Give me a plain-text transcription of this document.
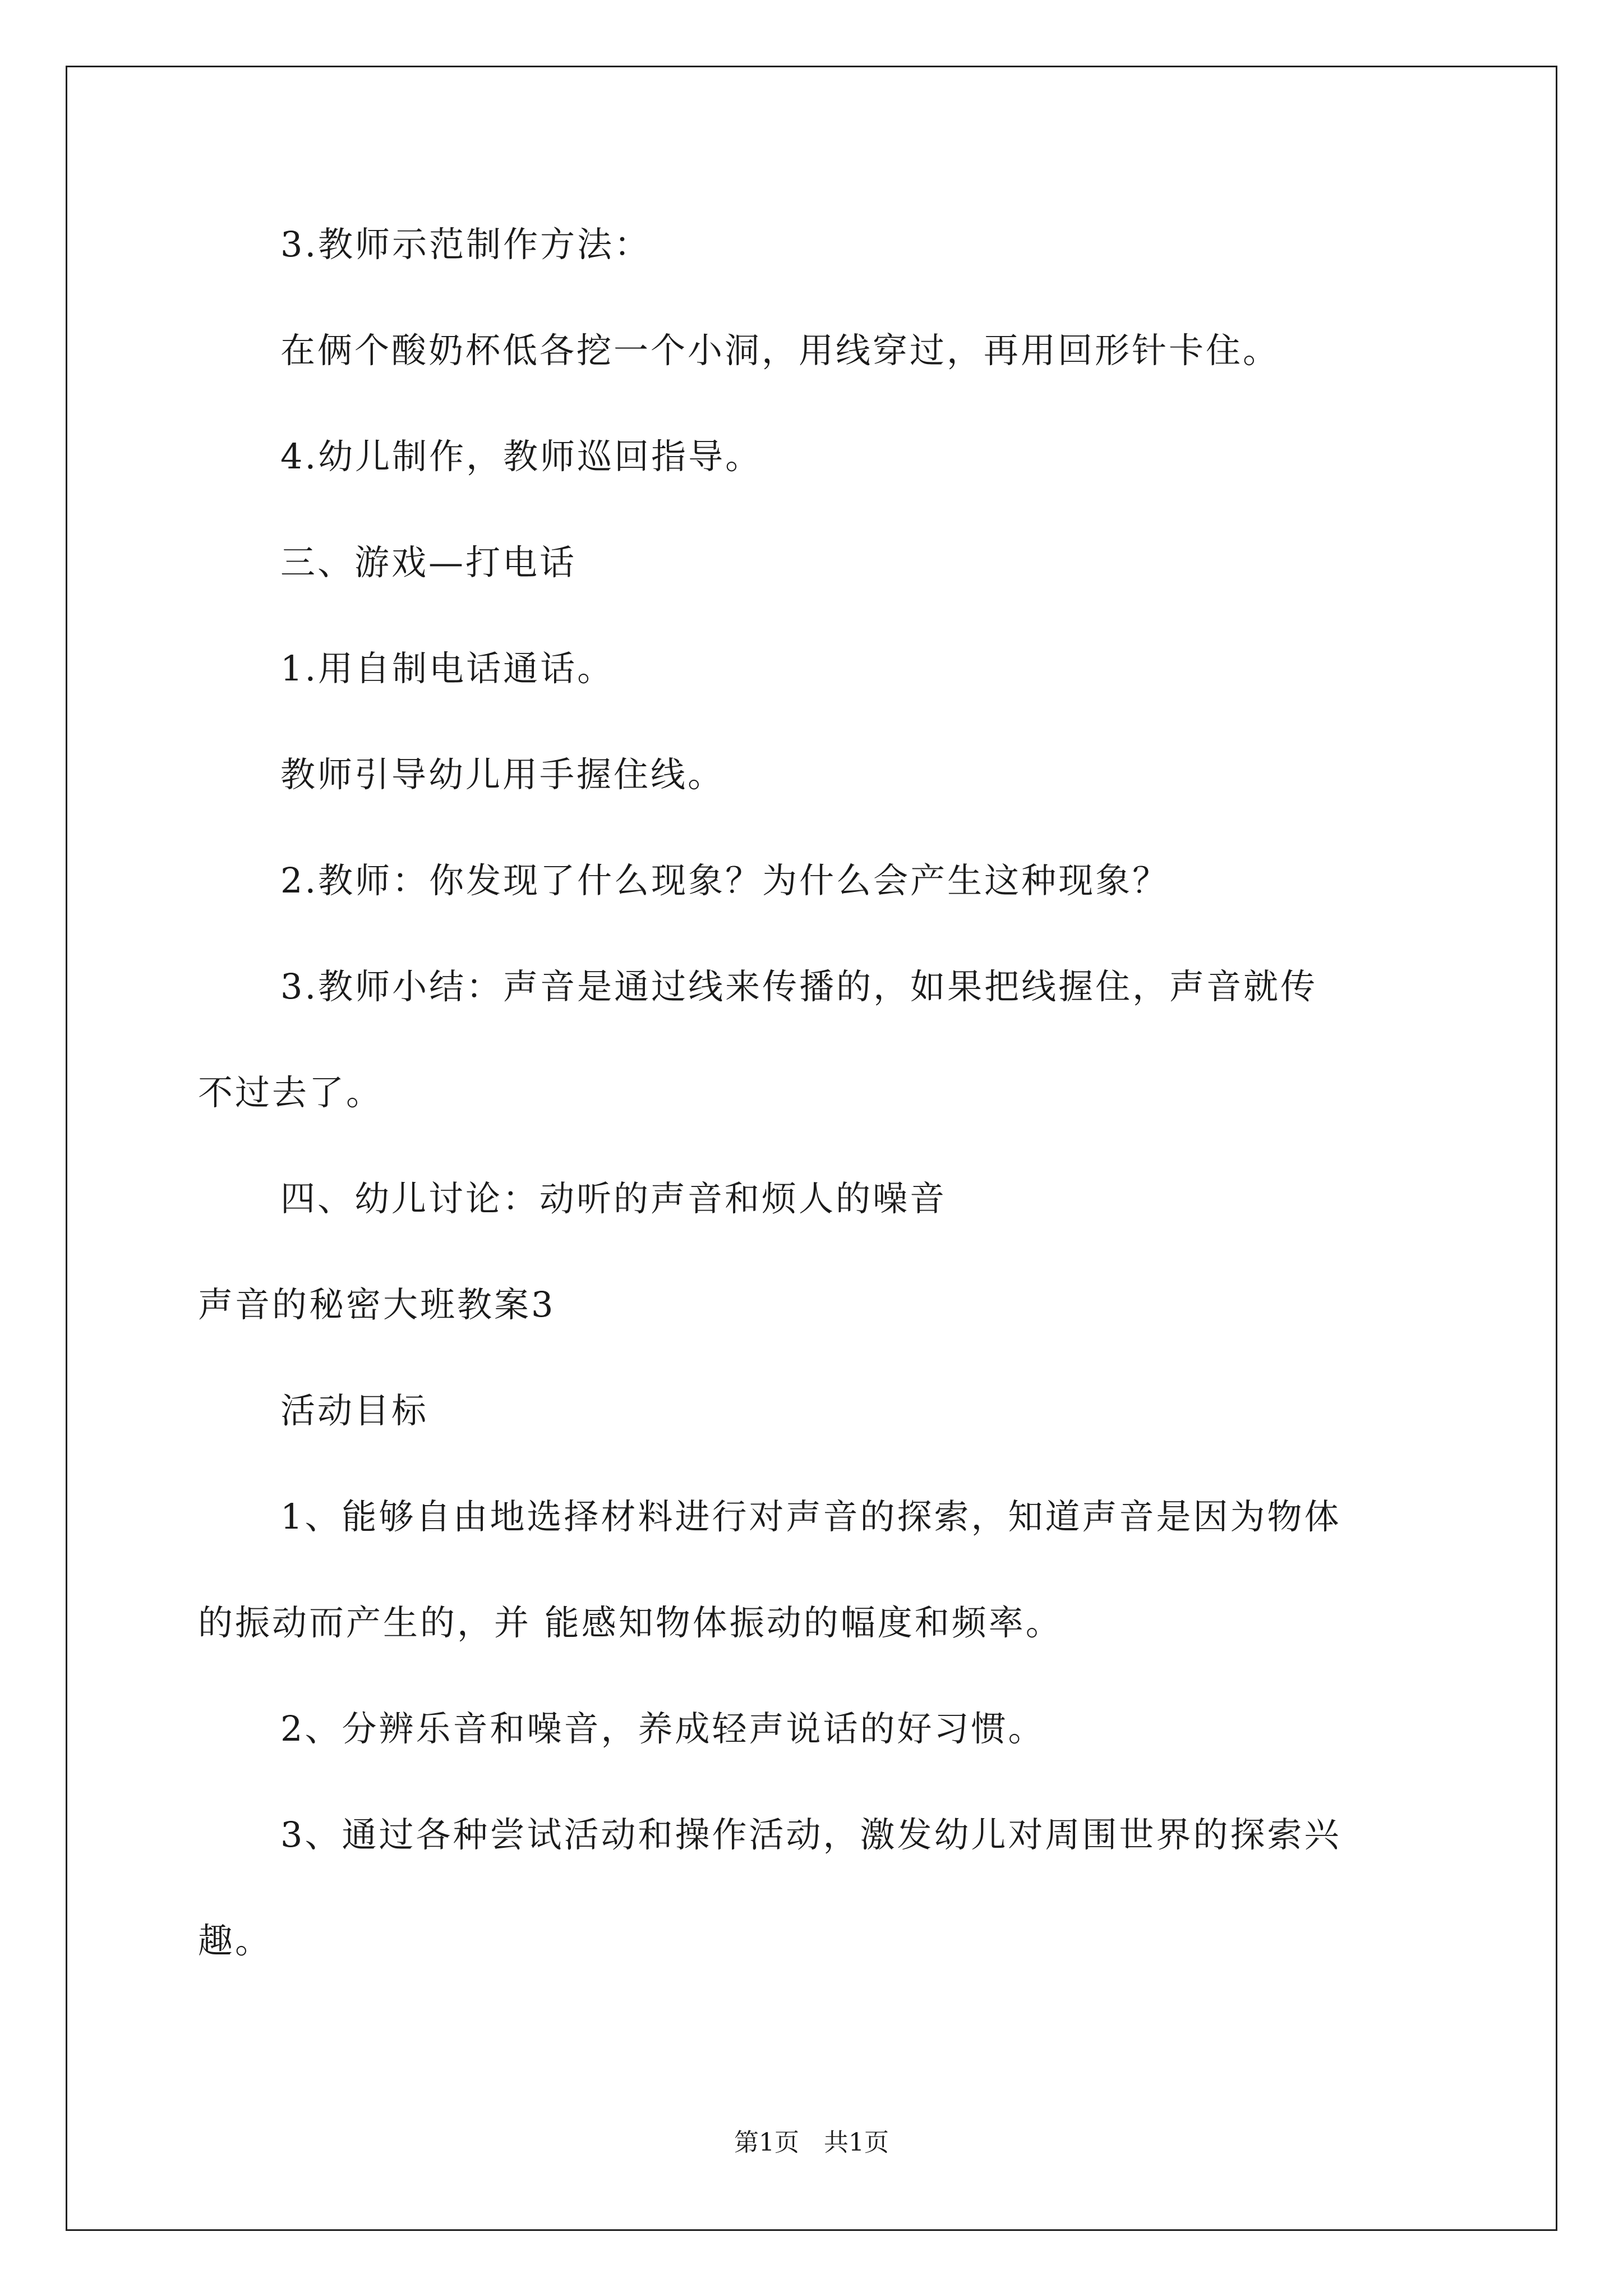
3.教师示范制作方法：
在俩个酸奶杯低各挖一个小洞，用线穿过，再用回形针卡住。
4.幼儿制作，教师巡回指导。
三、游戏—打电话
1.用自制电话通话。
教师引导幼儿用手握住线。
2.教师：你发现了什么现象？为什么会产生这种现象？
3.教师小结：声音是通过线来传播的，如果把线握住，声音就传
不过去了。
四、幼儿讨论：动听的声音和烦人的噪音
声音的秘密大班教案3
活动目标
1、能够自由地选择材料进行对声音的探索，知道声音是因为物体
的振动而产生的，并 能感知物体振动的幅度和频率。
2、分辨乐音和噪音，养成轻声说话的好习惯。
3、通过各种尝试活动和操作活动，激发幼儿对周围世界的探索兴
趣。
第1页　共1页
